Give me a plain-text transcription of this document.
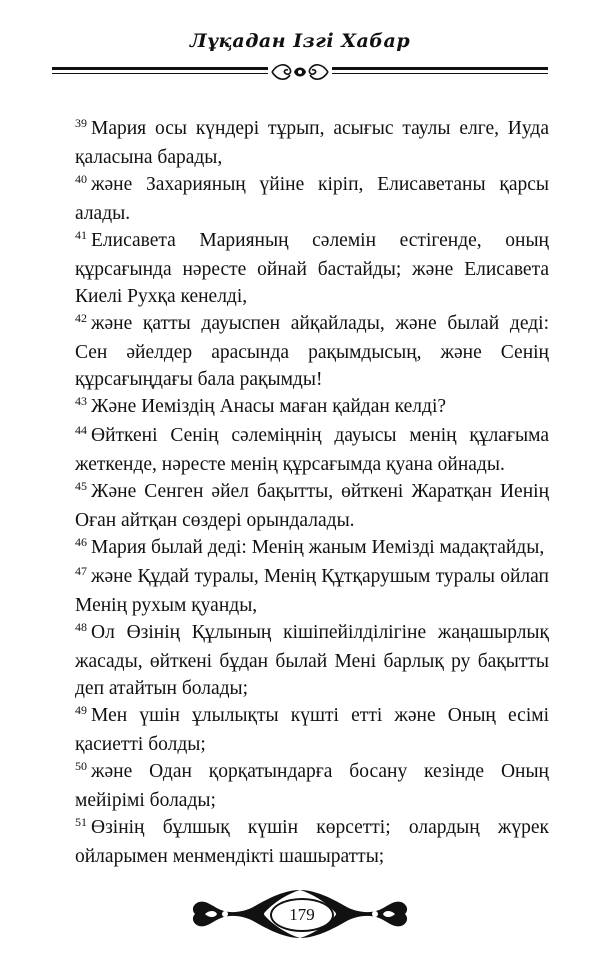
Лұқадан Ізгі Хабар

$^{39}$ Мария осы күндері тұрып, асығыс таулы елге, Иуда қаласына барады,

$^{40}$ және Захарияның үйіне кіріп, Елисаветаны қарсы алады.

$^{41}$ Елисавета Марияның сәлемін естігенде, оның құрсағында нәресте ойнай бастайды; және Елисавета Киелі Рухқа кенелді,

$^{42}$ және қатты дауыспен айқайлады, және былай деді: Сен әйелдер арасында рақымдысың, және Сенің құрсағыңдағы бала рақымды!

$^{43}$ Және Иемiздiң Анасы маған қайдан келді?

$^{44}$ Өйткені Сенің сәлеміңнің дауысы менің құлағыма жеткенде, нәресте менің құрсағымда қуана ойнады.

$^{45}$ Және Сенген әйел бақытты, өйткені Жаратқан Иенің Оған айтқан сөздері орындалады.

$^{46}$ Мария былай деді: Менің жаным Иемізді мадақтайды,

$^{47}$ және Құдай туралы, Менің Құтқарушым туралы ойлап Менің рухым қуанды,

$^{48}$ Ол Өзінің Құлының кішіпейілділігіне жаңашырлық жасады, өйткені бұдан былай Мені барлық ру бақытты деп атайтын болады;

$^{49}$ Мен үшін ұлылықты күшті етті және Оның есімі қасиетті болды;

$^{50}$ және Одан қорқатындарға босану кезінде Оның мейірімі болады;

$^{51}$ Өзінің бұлшық күшін көрсетті; олардың жүрек ойларымен менмендікті шашыратты;

179
